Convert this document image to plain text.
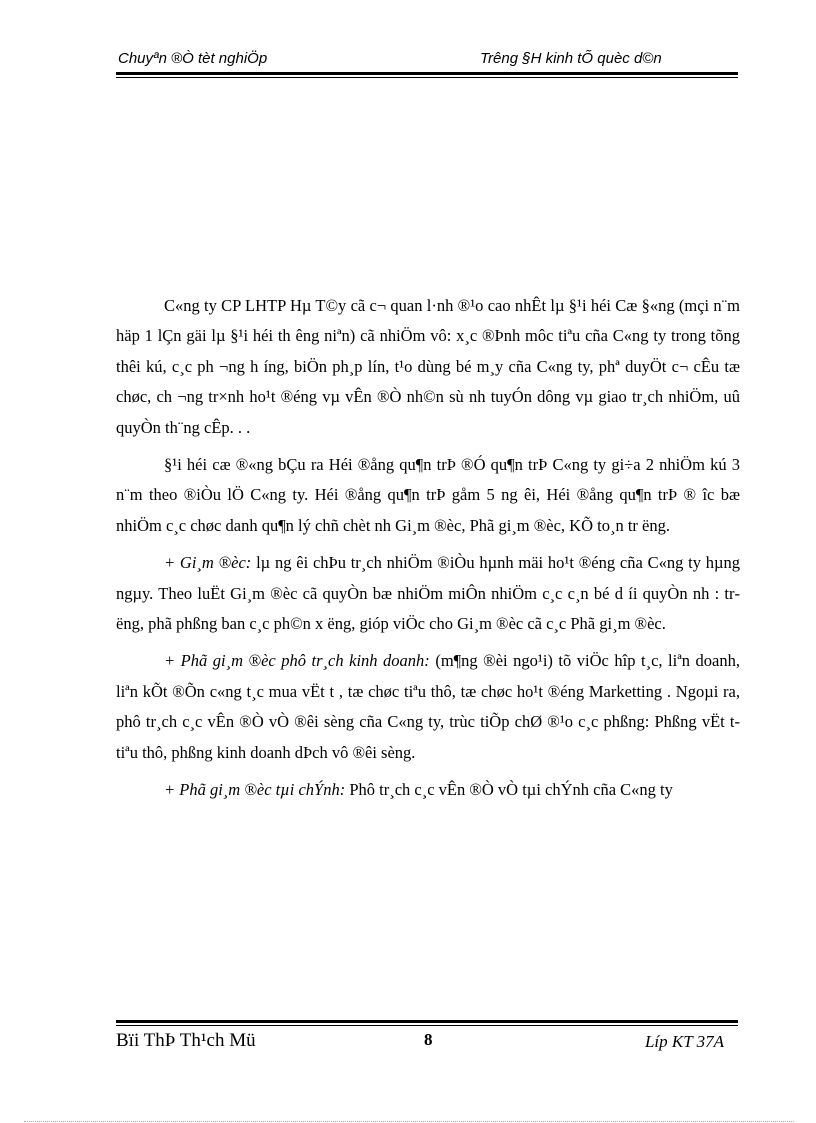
Chuyªn ®Ò tèt nghiÖp	Trêng §H kinh tÕ quèc d©n

C«ng ty CP LHTP Hµ T©y cã c¬ quan l·nh ®¹o cao nhÊt lµ §¹i héi Cæ §«ng (mçi n¨m häp 1 lÇn gäi lµ §¹i héi th êng niªn) cã nhiÖm vô: x¸c ®Þnh môc tiªu cña C«ng ty trong tõng thêi kú, c¸c ph ¬ng h íng, biÖn ph¸p lín, t¹o dùng bé m¸y cña C«ng ty, phª duyÖt c¬ cÊu tæ chøc, ch ¬ng tr×nh ho¹t ®éng vµ vÊn ®Ò nh©n sù nh tuyÓn dông vµ giao tr¸ch nhiÖm, uû quyÒn th¨ng cÊp. . .

§¹i héi cæ ®«ng bÇu ra Héi ®ång qu¶n trÞ ®Ó qu¶n trÞ C«ng ty gi÷a 2 nhiÖm kú 3 n¨m theo ®iÒu lÖ C«ng ty. Héi ®ång qu¶n trÞ gåm 5 ng êi, Héi ®ång qu¶n trÞ ® îc bæ nhiÖm c¸c chøc danh qu¶n lý chñ chèt nh Gi¸m ®èc, Phã gi¸m ®èc, KÕ to¸n tr ëng.

+ Gi¸m ®èc: lµ ng êi chÞu tr¸ch nhiÖm ®iÒu hµnh mäi ho¹t ®éng cña C«ng ty hµng ngµy. Theo luËt Gi¸m ®èc cã quyÒn bæ nhiÖm miÔn nhiÖm c¸c c¸n bé d íi quyÒn nh : tr ëng, phã phßng ban c¸c ph©n x ëng, gióp viÖc cho Gi¸m ®èc cã c¸c Phã gi¸m ®èc.

+ Phã gi¸m ®èc phô tr¸ch kinh doanh: (m¶ng ®èi ngo¹i) tõ viÖc hîp t¸c, liªn doanh, liªn kÕt ®Õn c«ng t¸c mua vËt t , tæ chøc tiªu thô, tæ chøc ho¹t ®éng Marketting . Ngoµi ra, phô tr¸ch c¸c vÊn ®Ò vÒ ®êi sèng cña C«ng ty, trùc tiÕp chØ ®¹o c¸c phßng: Phßng vËt t tiªu thô, phßng kinh doanh dÞch vô ®êi sèng.

+ Phã gi¸m ®èc tµi chÝnh: Phô tr¸ch c¸c vÊn ®Ò vÒ tµi chÝnh cña C«ng ty

Bïi ThÞ Th¹ch Mü	8	Líp KT 37A
